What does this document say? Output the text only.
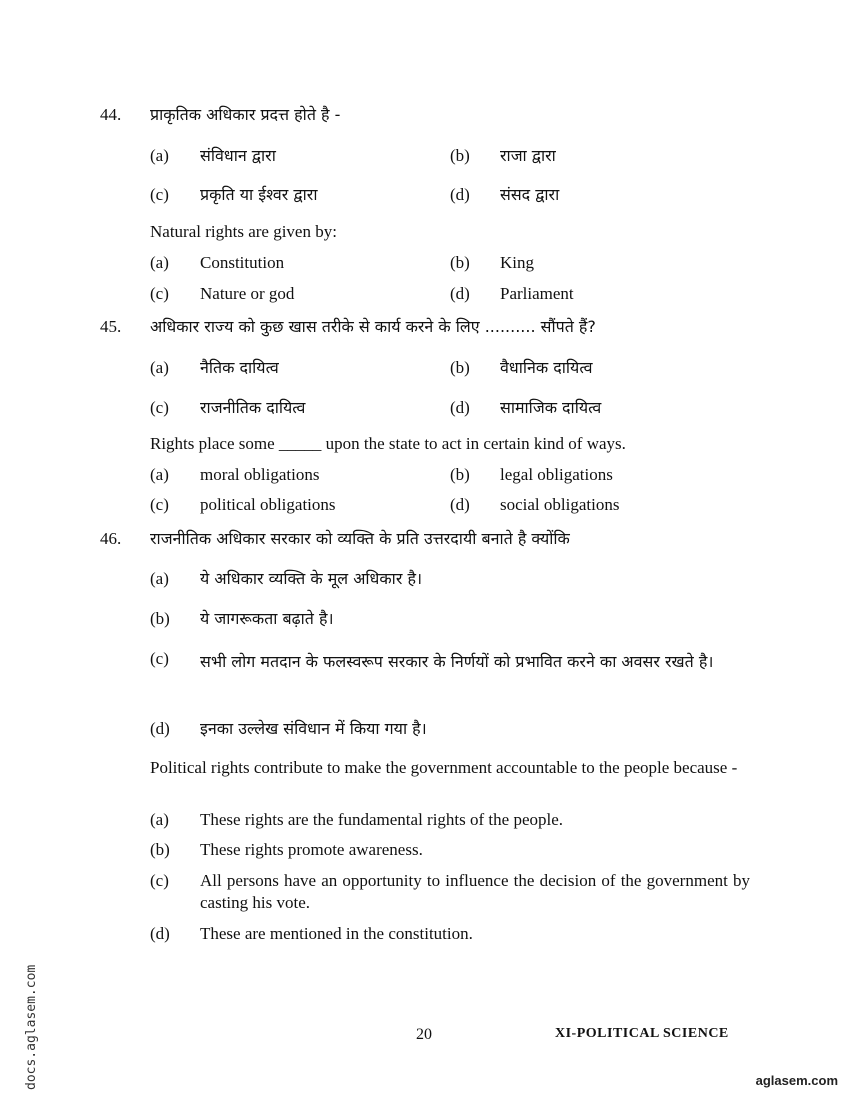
44. प्राकृतिक अधिकार प्रदत्त होते है -
(a) संविधान द्वारा	(b) राजा द्वारा
(c) प्रकृति या ईश्वर द्वारा	(d) संसद द्वारा
Natural rights are given by:
(a) Constitution	(b) King
(c) Nature or god	(d) Parliament
45. अधिकार राज्य को कुछ खास तरीके से कार्य करने के लिए .......... सौंपते हैं?
(a) नैतिक दायित्व	(b) वैधानिक दायित्व
(c) राजनीतिक दायित्व	(d) सामाजिक दायित्व
Rights place some _____ upon the state to act in certain kind of ways.
(a) moral obligations	(b) legal obligations
(c) political obligations	(d) social obligations
46. राजनीतिक अधिकार सरकार को व्यक्ति के प्रति उत्तरदायी बनाते है क्योंकि
(a) ये अधिकार व्यक्ति के मूल अधिकार है।
(b) ये जागरूकता बढ़ाते है।
(c) सभी लोग मतदान के फलस्वरूप सरकार के निर्णयों को प्रभावित करने का अवसर रखते है।
(d) इनका उल्लेख संविधान में किया गया है।
Political rights contribute to make the government accountable to the people because -
(a) These rights are the fundamental rights of the people.
(b) These rights promote awareness.
(c) All persons have an opportunity to influence the decision of the government by casting his vote.
(d) These are mentioned in the constitution.
20	XI-POLITICAL SCIENCE
docs.aglasem.com	aglasem.com
